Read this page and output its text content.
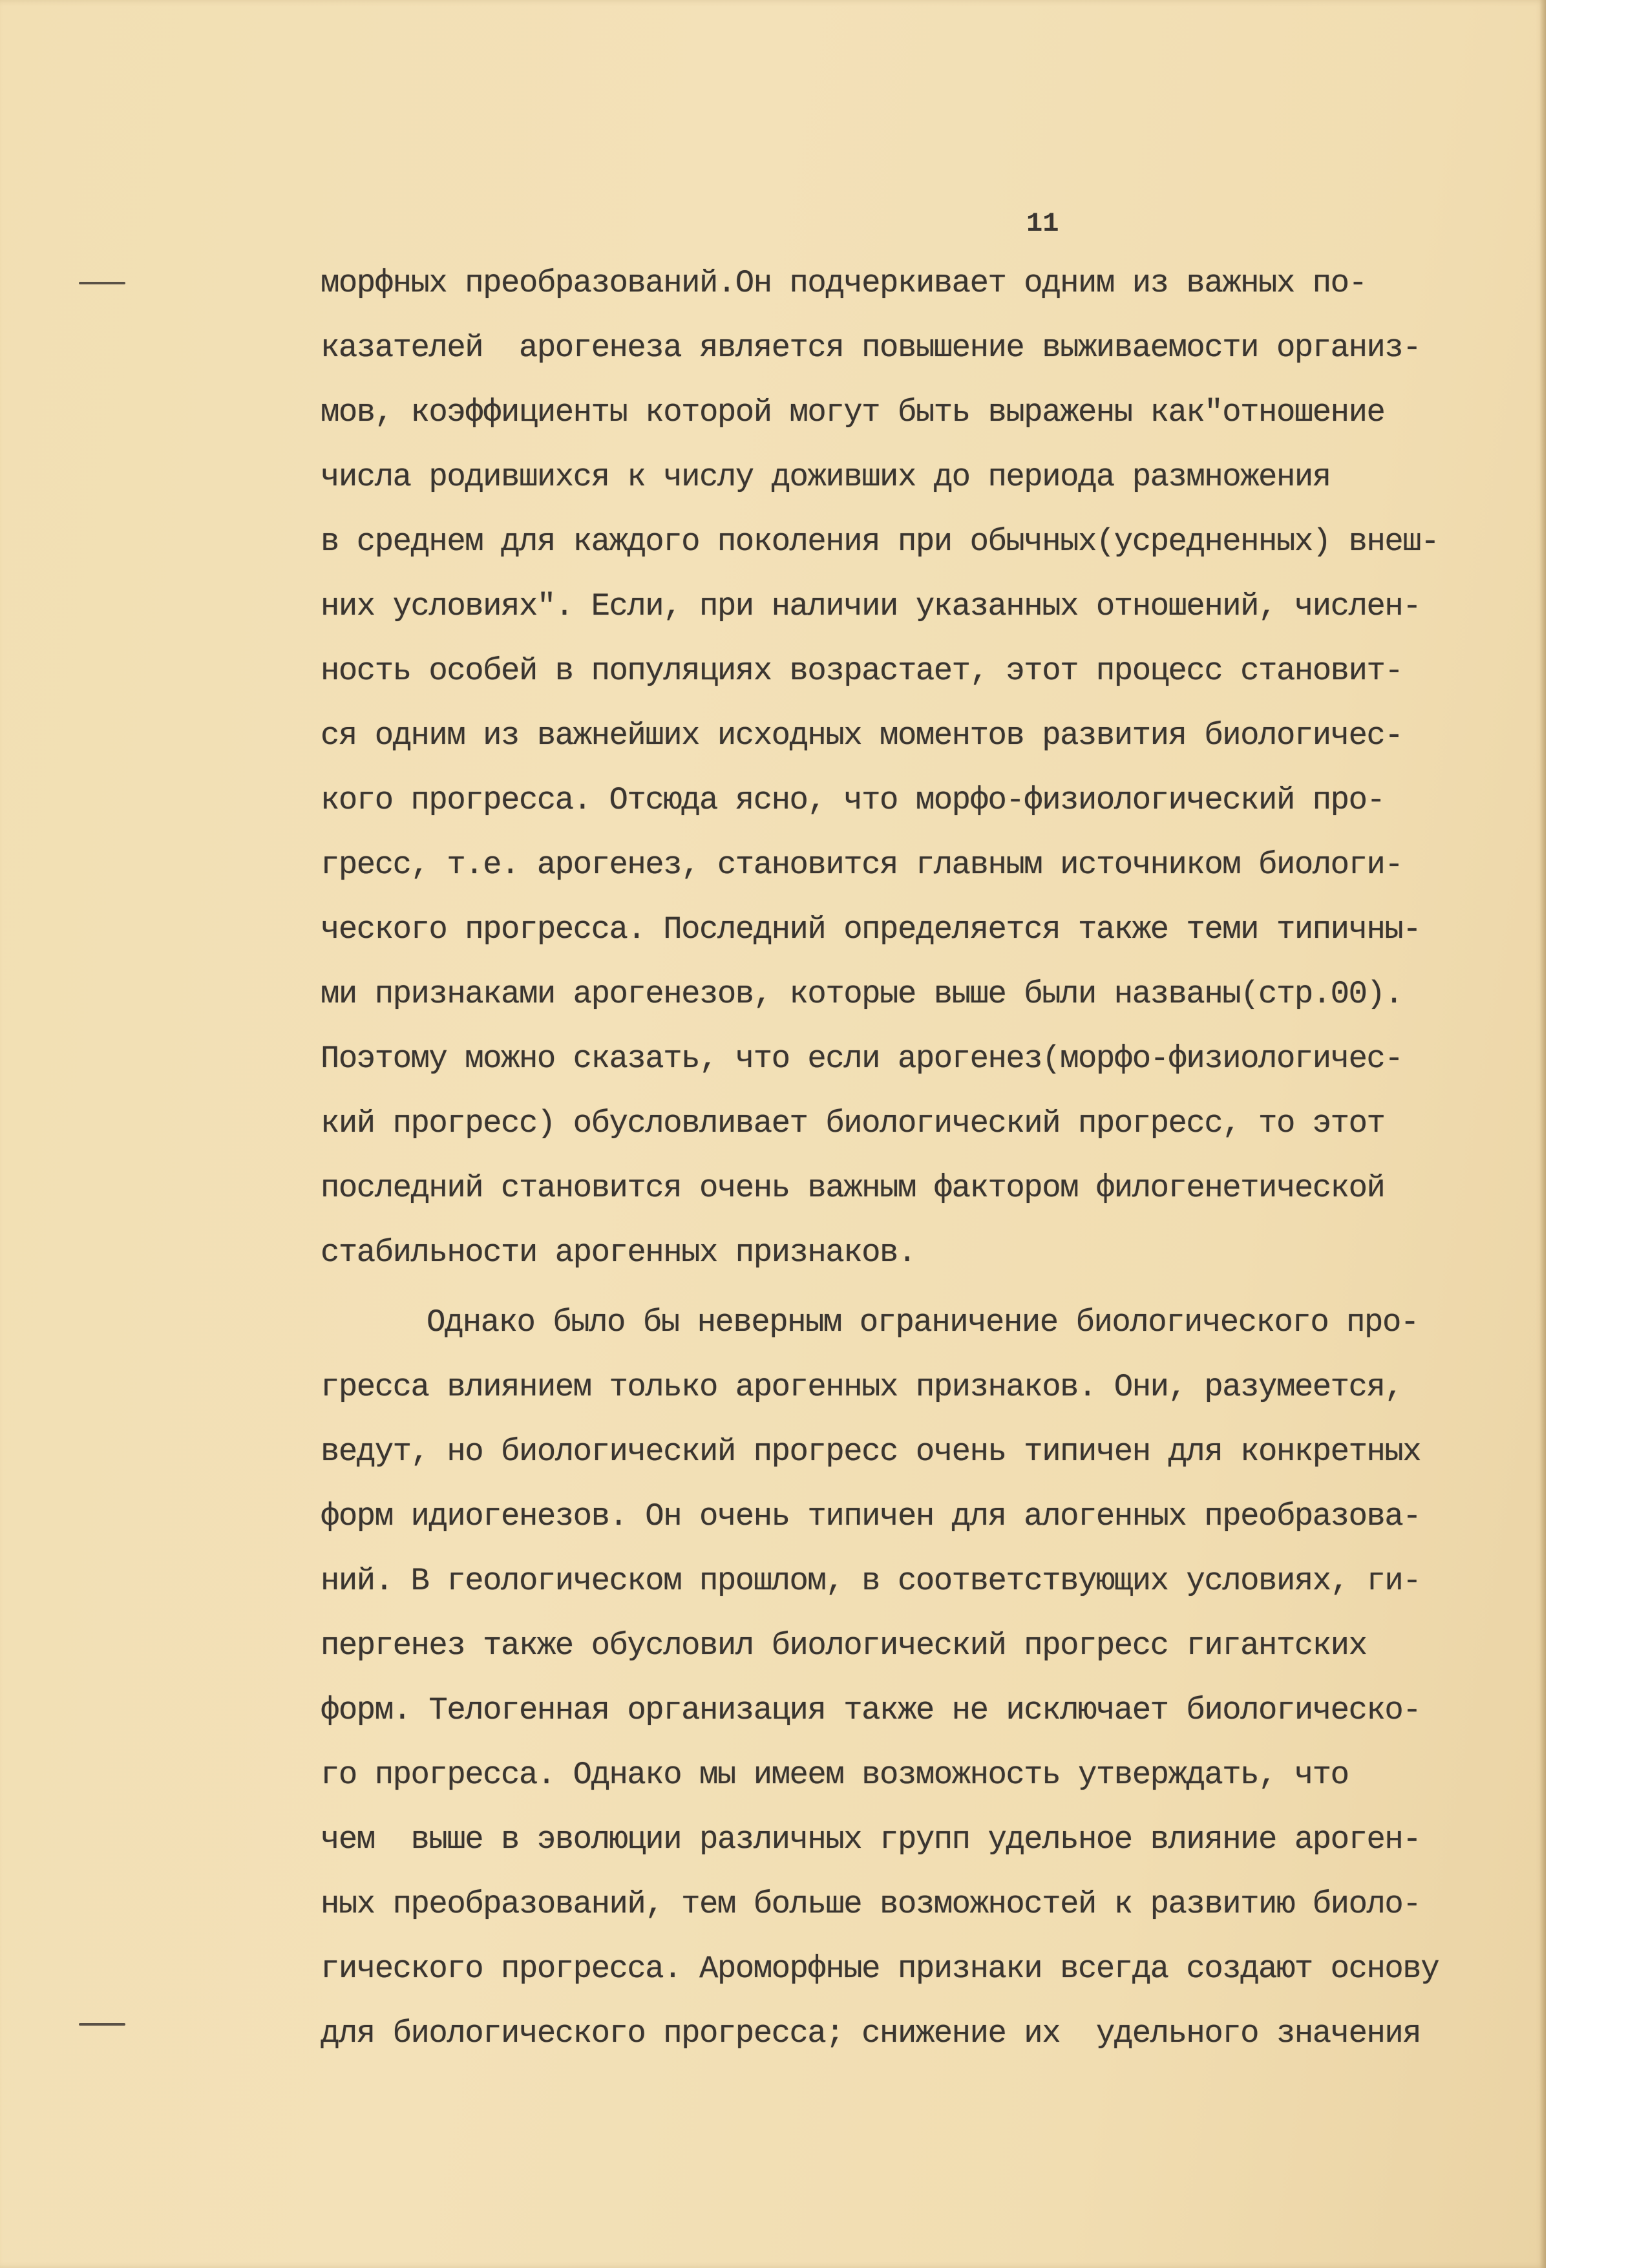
11
морфных преобразований.Он подчеркивает одним из важных по-
казателей  арогенеза является повышение выживаемости организ-
мов, коэффициенты которой могут быть выражены как"отношение
числа родившихся к числу доживших до периода размножения
в среднем для каждого поколения при обычных(усредненных) внеш-
них условиях". Если, при наличии указанных отношений, числен-
ность особей в популяциях возрастает, этот процесс становит-
ся одним из важнейших исходных моментов развития биологичес-
кого прогресса. Отсюда ясно, что морфо-физиологический про-
гресс, т.е. арогенез, становится главным источником биологи-
ческого прогресса. Последний определяется также теми типичны-
ми признаками арогенезов, которые выше были названы(стр.00).
Поэтому можно сказать, что если арогенез(морфо-физиологичес-
кий прогресс) обусловливает биологический прогресс, то этот
последний становится очень важным фактором филогенетической
стабильности арогенных признаков.
Однако было бы неверным ограничение биологического про-
гресса влиянием только арогенных признаков. Они, разумеется,
ведут, но биологический прогресс очень типичен для конкретных
форм идиогенезов. Он очень типичен для алогенных преобразова-
ний. В геологическом прошлом, в соответствующих условиях, ги-
пергенез также обусловил биологический прогресс гигантских
форм. Телогенная организация также не исключает биологическо-
го прогресса. Однако мы имеем возможность утверждать, что
чем  выше в эволюции различных групп удельное влияние ароген-
ных преобразований, тем больше возможностей к развитию биоло-
гического прогресса. Ароморфные признаки всегда создают основу
для биологического прогресса; снижение их  удельного значения
